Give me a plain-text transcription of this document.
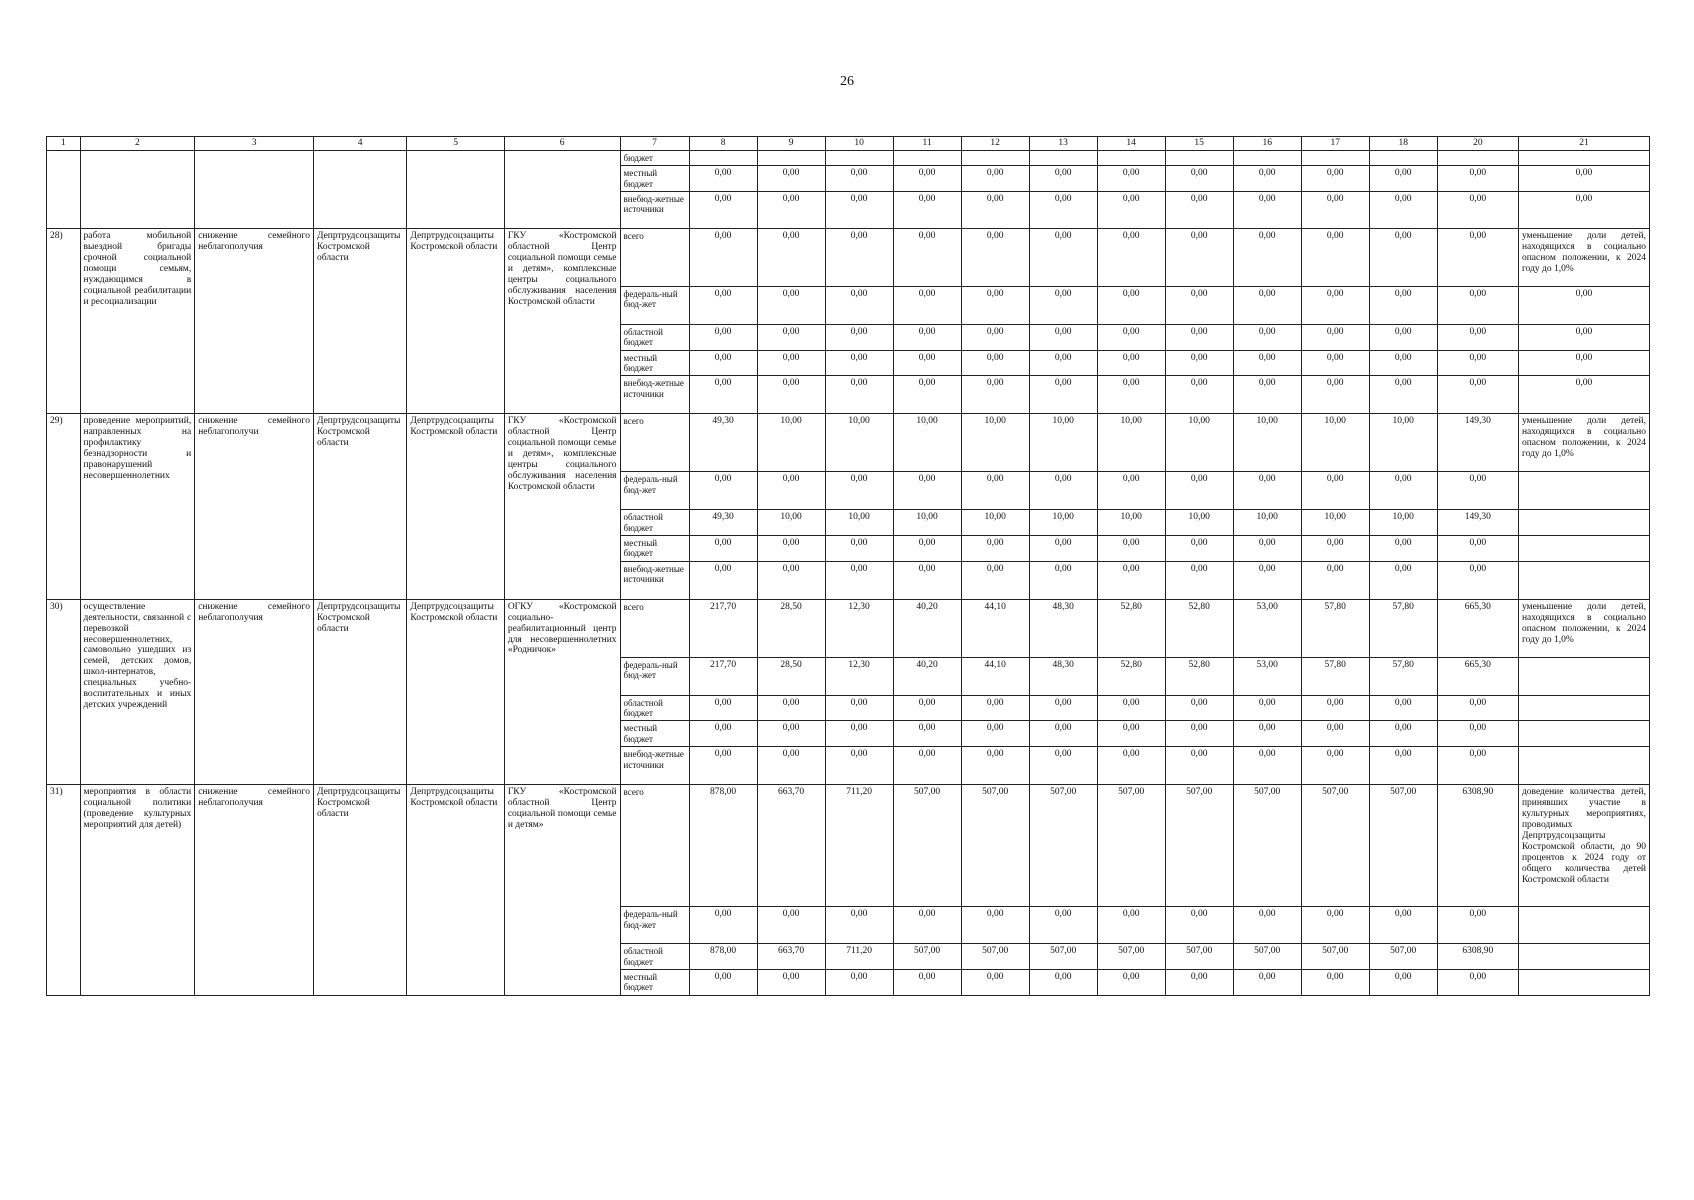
26
1	2	3	4	5	6	7	8	9	10	11	12	13	14	15	16	17	18	20	21
						бюджет													
						местный бюджет	0,00	0,00	0,00	0,00	0,00	0,00	0,00	0,00	0,00	0,00	0,00	0,00	0,00
						внебюд-жетные источники	0,00	0,00	0,00	0,00	0,00	0,00	0,00	0,00	0,00	0,00	0,00	0,00	0,00
28)	работа мобильной выездной бригады срочной социальной помощи семьям, нуждающимся в социальной реабилитации и ресоциализации	снижение семейного неблагополучия	Депртрудсоцзащиты Костромской области	Депртрудсоцзащиты Костромской области	ГКУ «Костромской областной Центр социальной помощи семье и детям», комплексные центры социального обслуживания населения Костромской области	всего	0,00	0,00	0,00	0,00	0,00	0,00	0,00	0,00	0,00	0,00	0,00	0,00	уменьшение доли детей, находящихся в социально опасном положении, к 2024 году до 1,0%
						федераль-ный бюд-жет	0,00	0,00	0,00	0,00	0,00	0,00	0,00	0,00	0,00	0,00	0,00	0,00	0,00
						областной бюджет	0,00	0,00	0,00	0,00	0,00	0,00	0,00	0,00	0,00	0,00	0,00	0,00	0,00
						местный бюджет	0,00	0,00	0,00	0,00	0,00	0,00	0,00	0,00	0,00	0,00	0,00	0,00	0,00
						внебюд-жетные источники	0,00	0,00	0,00	0,00	0,00	0,00	0,00	0,00	0,00	0,00	0,00	0,00	0,00
29)	проведение мероприятий, направленных на профилактику безнадзорности и правонарушений несовершеннолетних	снижение семейного неблагополучи	Депртрудсоцзащиты Костромской области	Депртрудсоцзащиты Костромской области	ГКУ «Костромской областной Центр социальной помощи семье и детям», комплексные центры социального обслуживания населения Костромской области	всего	49,30	10,00	10,00	10,00	10,00	10,00	10,00	10,00	10,00	10,00	10,00	149,30	уменьшение доли детей, находящихся в социально опасном положении, к 2024 году до 1,0%
						федераль-ный бюд-жет	0,00	0,00	0,00	0,00	0,00	0,00	0,00	0,00	0,00	0,00	0,00	0,00	
						областной бюджет	49,30	10,00	10,00	10,00	10,00	10,00	10,00	10,00	10,00	10,00	10,00	149,30	
						местный бюджет	0,00	0,00	0,00	0,00	0,00	0,00	0,00	0,00	0,00	0,00	0,00	0,00	
						внебюд-жетные источники	0,00	0,00	0,00	0,00	0,00	0,00	0,00	0,00	0,00	0,00	0,00	0,00	
30)	осуществление деятельности, связанной с перевозкой несовершеннолетних, самовольно ушедших из семей, детских домов, школ-интернатов, специальных учебно-воспитательных и иных детских учреждений	снижение семейного неблагополучия	Депртрудсоцзащиты Костромской области	Депртрудсоцзащиты Костромской области	ОГКУ «Костромской социально-реабилитационный центр для несовершеннолетних «Родничок»	всего	217,70	28,50	12,30	40,20	44,10	48,30	52,80	52,80	53,00	57,80	57,80	665,30	уменьшение доли детей, находящихся в социально опасном положении, к 2024 году до 1,0%
						федераль-ный бюд-жет	217,70	28,50	12,30	40,20	44,10	48,30	52,80	52,80	53,00	57,80	57,80	665,30	
						областной бюджет	0,00	0,00	0,00	0,00	0,00	0,00	0,00	0,00	0,00	0,00	0,00	0,00	
						местный бюджет	0,00	0,00	0,00	0,00	0,00	0,00	0,00	0,00	0,00	0,00	0,00	0,00	
						внебюд-жетные источники	0,00	0,00	0,00	0,00	0,00	0,00	0,00	0,00	0,00	0,00	0,00	0,00	
31)	мероприятия в области социальной политики (проведение культурных мероприятий для детей)	снижение семейного неблагополучия	Депртрудсоцзащиты Костромской области	Депртрудсоцзащиты Костромской области	ГКУ «Костромской областной Центр социальной помощи семье и детям»	всего	878,00	663,70	711,20	507,00	507,00	507,00	507,00	507,00	507,00	507,00	507,00	6308,90	доведение количества детей, принявших участие в культурных мероприятиях, проводимых Депртрудсоцзащиты Костромской области, до 90 процентов к 2024 году от общего количества детей Костромской области
						федераль-ный бюд-жет	0,00	0,00	0,00	0,00	0,00	0,00	0,00	0,00	0,00	0,00	0,00	0,00	
						областной бюджет	878,00	663,70	711,20	507,00	507,00	507,00	507,00	507,00	507,00	507,00	507,00	6308,90	
						местный бюджет	0,00	0,00	0,00	0,00	0,00	0,00	0,00	0,00	0,00	0,00	0,00	0,00	
